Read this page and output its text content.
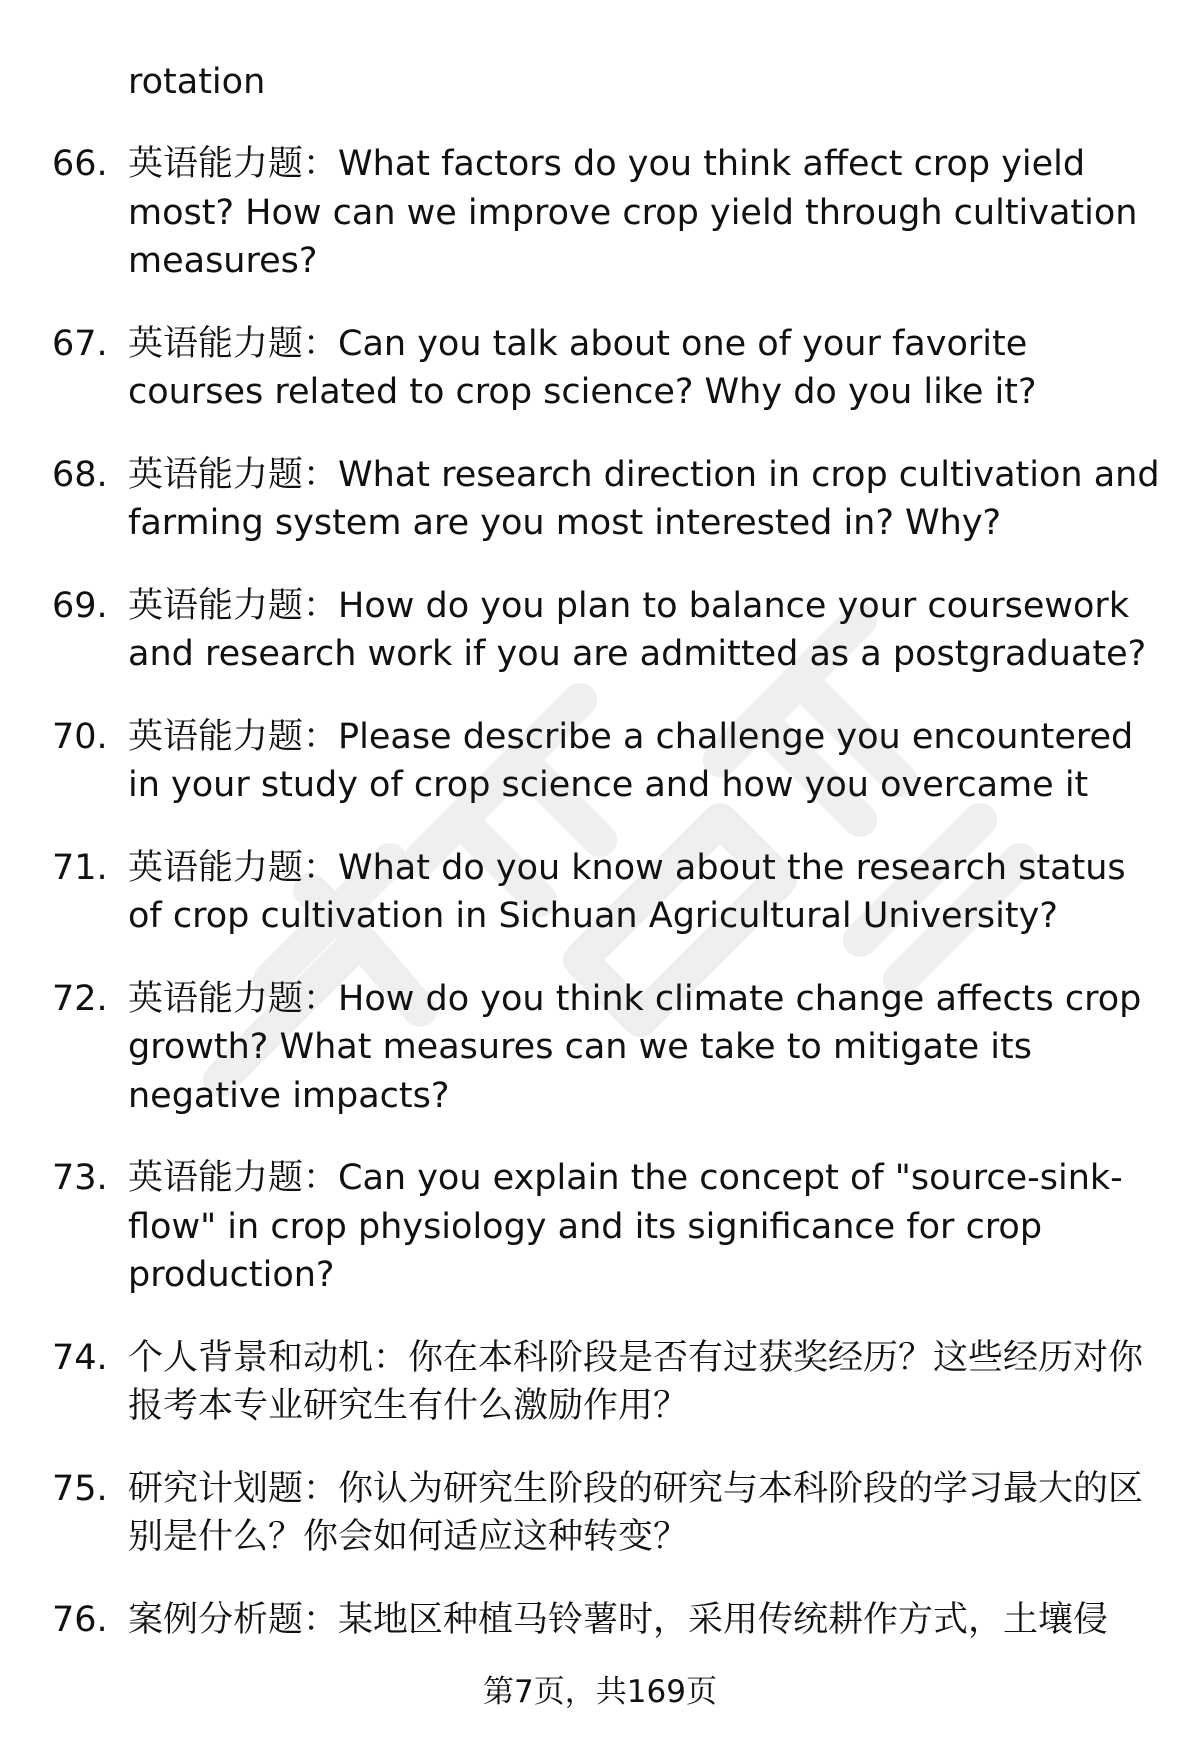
rotation
66. 英语能力题：What factors do you think affect crop yield most? How can we improve crop yield through cultivation measures?
67. 英语能力题：Can you talk about one of your favorite courses related to crop science? Why do you like it?
68. 英语能力题：What research direction in crop cultivation and farming system are you most interested in? Why?
69. 英语能力题：How do you plan to balance your coursework and research work if you are admitted as a postgraduate?
70. 英语能力题：Please describe a challenge you encountered in your study of crop science and how you overcame it
71. 英语能力题：What do you know about the research status of crop cultivation in Sichuan Agricultural University?
72. 英语能力题：How do you think climate change affects crop growth? What measures can we take to mitigate its negative impacts?
73. 英语能力题：Can you explain the concept of "source-sink-flow" in crop physiology and its significance for crop production?
74. 个人背景和动机：你在本科阶段是否有过获奖经历？这些经历对你报考本专业研究生有什么激励作用？
75. 研究计划题：你认为研究生阶段的研究与本科阶段的学习最大的区别是什么？你会如何适应这种转变？
76. 案例分析题：某地区种植马铃薯时，采用传统耕作方式，土壤侵
第7页，共169页
